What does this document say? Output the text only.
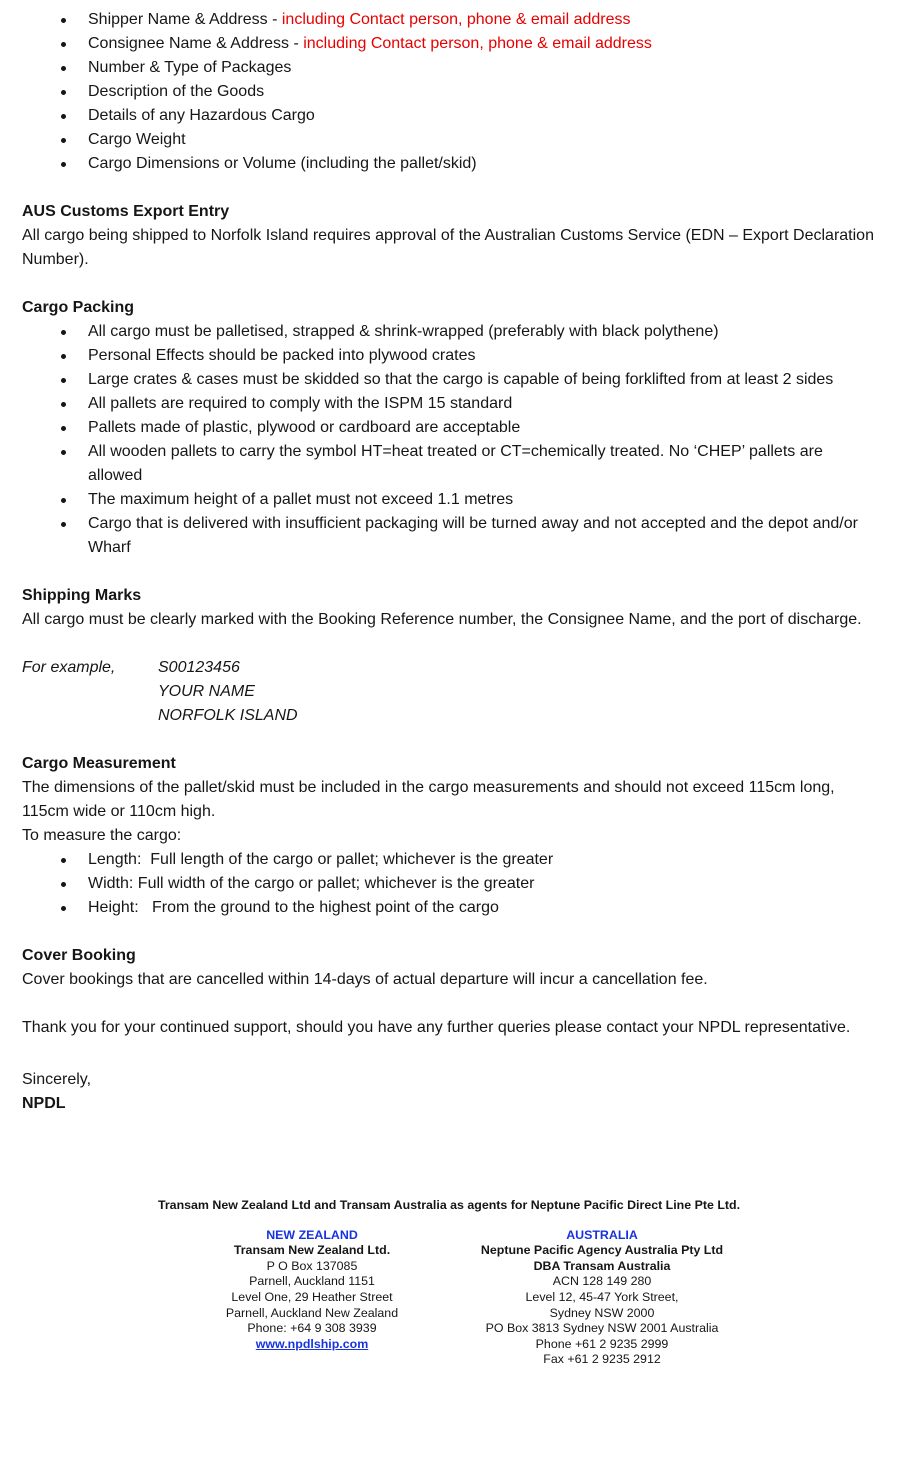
Shipper Name & Address - including Contact person, phone & email address
Consignee Name & Address - including Contact person, phone & email address
Number & Type of Packages
Description of the Goods
Details of any Hazardous Cargo
Cargo Weight
Cargo Dimensions or Volume (including the pallet/skid)
AUS Customs Export Entry

All cargo being shipped to Norfolk Island requires approval of the Australian Customs Service (EDN – Export Declaration Number).

Cargo Packing
All cargo must be palletised, strapped & shrink-wrapped (preferably with black polythene)
Personal Effects should be packed into plywood crates
Large crates & cases must be skidded so that the cargo is capable of being forklifted from at least 2 sides
All pallets are required to comply with the ISPM 15 standard
Pallets made of plastic, plywood or cardboard are acceptable
All wooden pallets to carry the symbol HT=heat treated or CT=chemically treated. No ‘CHEP’ pallets are allowed
The maximum height of a pallet must not exceed 1.1 metres
Cargo that is delivered with insufficient packaging will be turned away and not accepted and the depot and/or Wharf
Shipping Marks

All cargo must be clearly marked with the Booking Reference number, the Consignee Name, and the port of discharge.

For example,	S00123456
YOUR NAME
NORFOLK ISLAND
Cargo Measurement

The dimensions of the pallet/skid must be included in the cargo measurements and should not exceed 115cm long, 115cm wide or 110cm high.

To measure the cargo:

Length:  Full length of the cargo or pallet; whichever is the greater
Width: Full width of the cargo or pallet; whichever is the greater
Height:   From the ground to the highest point of the cargo
Cover Booking

Cover bookings that are cancelled within 14-days of actual departure will incur a cancellation fee.

Thank you for your continued support, should you have any further queries please contact your NPDL representative.

Sincerely,
NPDL
Transam New Zealand Ltd and Transam Australia as agents for Neptune Pacific Direct Line Pte Ltd.
NEW ZEALAND
Transam New Zealand Ltd.
P O Box 137085
Parnell, Auckland 1151
Level One, 29 Heather Street
Parnell, Auckland New Zealand
Phone: +64 9 308 3939
www.npdlship.com
AUSTRALIA
Neptune Pacific Agency Australia Pty Ltd
DBA Transam Australia
ACN 128 149 280
Level 12, 45-47 York Street,
Sydney NSW 2000
PO Box 3813 Sydney NSW 2001 Australia
Phone +61 2 9235 2999
Fax +61 2 9235 2912
